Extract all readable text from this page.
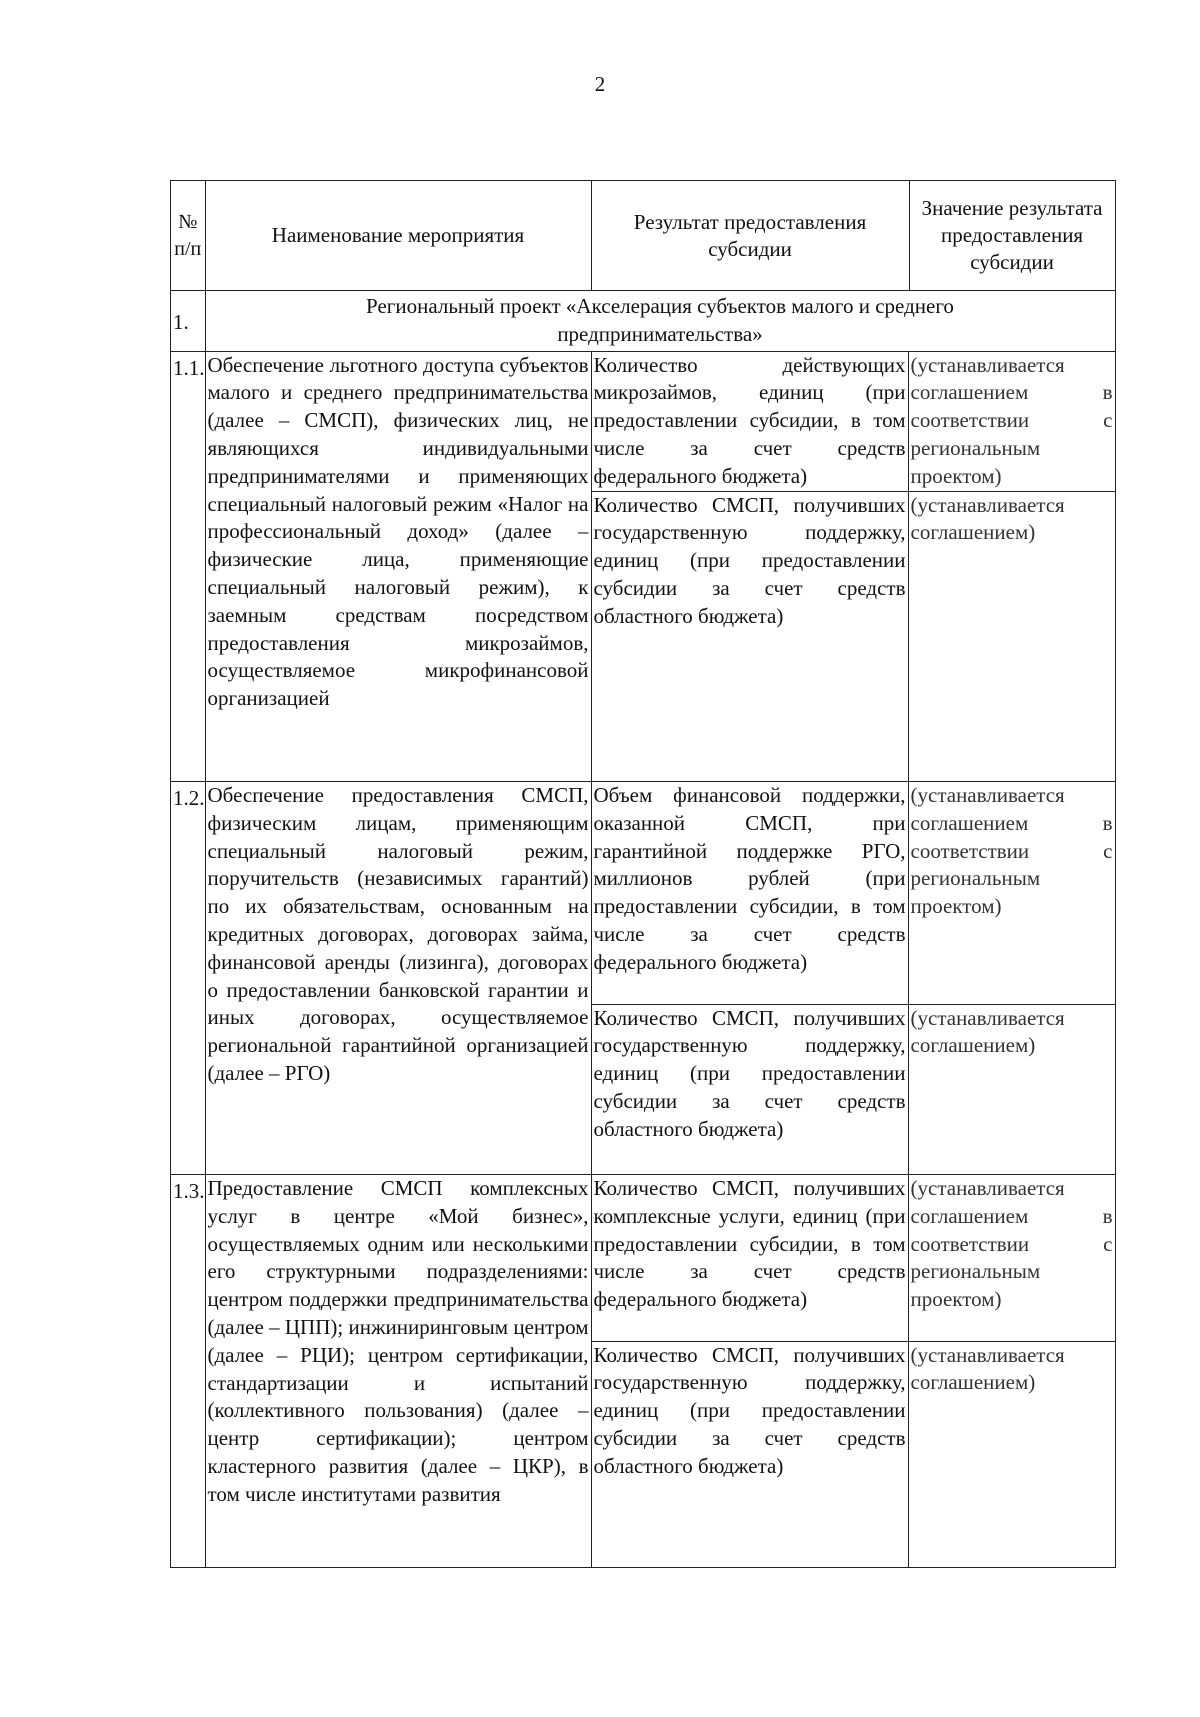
2
№ п/п	Наименование мероприятия	Результат предоставления субсидии	Значение результата предоставления субсидии
1.	Региональный проект «Акселерация субъектов малого и среднего предпринимательства»
1.1.	Обеспечение льготного доступа субъектов малого и среднего предпринимательства (далее – СМСП), физических лиц, не являющихся индивидуальными предпринимателями и применяющих специальный налоговый режим «Налог на профессиональный доход» (далее – физические лица, применяющие специальный налоговый режим), к заемным средствам посредством предоставления микрозаймов, осуществляемое микрофинансовой организацией	
Количество действующих микрозаймов, единиц (при предоставлении субсидии, в том числе за счет средств федерального бюджета)	(устанавливается соглашением в соответствии с региональным проектом)
Количество СМСП, получивших государственную поддержку, единиц (при предоставлении субсидии за счет средств областного бюджета)	(устанавливается соглашением)

1.2.	Обеспечение предоставления СМСП, физическим лицам, применяющим специальный налоговый режим, поручительств (независимых гарантий) по их обязательствам, основанным на кредитных договорах, договорах займа, финансовой аренды (лизинга), договорах о предоставлении банковской гарантии и иных договорах, осуществляемое региональной гарантийной организацией (далее – РГО)	
Объем финансовой поддержки, оказанной СМСП, при гарантийной поддержке РГО, миллионов рублей (при предоставлении субсидии, в том числе за счет средств федерального бюджета)	(устанавливается соглашением в соответствии с региональным проектом)
Количество СМСП, получивших государственную поддержку, единиц (при предоставлении субсидии за счет средств областного бюджета)	(устанавливается соглашением)

1.3.	Предоставление СМСП комплексных услуг в центре «Мой бизнес», осуществляемых одним или несколькими его структурными подразделениями: центром поддержки предпринимательства (далее – ЦПП); инжиниринговым центром (далее – РЦИ); центром сертификации, стандартизации и испытаний (коллективного пользования) (далее – центр сертификации); центром кластерного развития (далее – ЦКР), в том числе институтами развития	
Количество СМСП, получивших комплексные услуги, единиц (при предоставлении субсидии, в том числе за счет средств федерального бюджета)	(устанавливается соглашением в соответствии с региональным проектом)
Количество СМСП, получивших государственную поддержку, единиц (при предоставлении субсидии за счет средств областного бюджета)	(устанавливается соглашением)
